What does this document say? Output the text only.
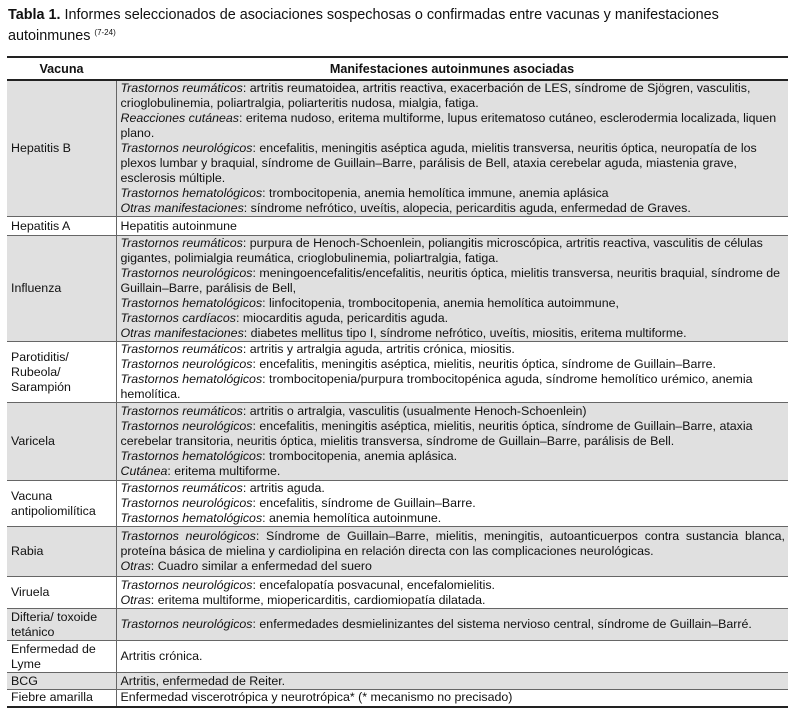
Tabla 1. Informes seleccionados de asociaciones sospechosas o confirmadas entre vacunas y manifestaciones autoinmunes $^{(7-24)}$
Vacuna	Manifestaciones autoinmunes asociadas
Hepatitis B	Trastornos reumáticos: artritis reumatoidea, artritis reactiva, exacerbación de LES, síndrome de Sjögren, vasculitis, crioglobulinemia, poliartralgia, poliarteritis nudosa, mialgia, fatiga.
Reacciones cutáneas: eritema nudoso, eritema multiforme, lupus eritematoso cutáneo, esclerodermia localizada, liquen plano.
Trastornos neurológicos: encefalitis, meningitis aséptica aguda, mielitis transversa, neuritis óptica, neuropatía de los plexos lumbar y braquial, síndrome de Guillain–Barre, parálisis de Bell, ataxia cerebelar aguda, miastenia grave, esclerosis múltiple.
Trastornos hematológicos: trombocitopenia, anemia hemolítica immune, anemia aplásica
Otras manifestaciones: síndrome nefrótico, uveítis, alopecia, pericarditis aguda, enfermedad de Graves.

Hepatitis A	Hepatitis autoinmune

Influenza	Trastornos reumáticos: purpura de Henoch-Schoenlein, poliangitis microscópica, artritis reactiva, vasculitis de células gigantes, polimialgia reumática, crioglobulinemia, poliartralgia, fatiga.
Trastornos neurológicos: meningoencefalitis/encefalitis, neuritis óptica, mielitis transversa, neuritis braquial, síndrome de Guillain–Barre, parálisis de Bell,
Trastornos hematológicos: linfocitopenia, trombocitopenia, anemia hemolítica autoimmune,
Trastornos cardíacos: miocarditis aguda, pericarditis aguda.
Otras manifestaciones: diabetes mellitus tipo I, síndrome nefrótico, uveítis, miositis, eritema multiforme.

Parotiditis/ Rubeola/ Sarampión	Trastornos reumáticos: artritis y artralgia aguda, artritis crónica, miositis.
Trastornos neurológicos: encefalitis, meningitis aséptica, mielitis, neuritis óptica, síndrome de Guillain–Barre.
Trastornos hematológicos: trombocitopenia/purpura trombocitopénica aguda, síndrome hemolítico urémico, anemia hemolítica.

Varicela	Trastornos reumáticos: artritis o artralgia, vasculitis (usualmente Henoch-Schoenlein)
Trastornos neurológicos: encefalitis, meningitis aséptica, mielitis, neuritis óptica, síndrome de Guillain–Barre, ataxia cerebelar transitoria, neuritis óptica, mielitis transversa, síndrome de Guillain–Barre, parálisis de Bell.
Trastornos hematológicos: trombocitopenia, anemia aplásica.
Cutánea: eritema multiforme.

Vacuna antipoliomilítica	Trastornos reumáticos: artritis aguda.
Trastornos neurológicos: encefalitis, síndrome de Guillain–Barre.
Trastornos hematológicos: anemia hemolítica autoinmune.

Rabia	Trastornos neurológicos: Síndrome de Guillain–Barre, mielitis, meningitis, autoanticuerpos contra sustancia blanca, proteína básica de mielina y cardiolipina en relación directa con las complicaciones neurológicas.
Otras: Cuadro similar a enfermedad del suero

Viruela	Trastornos neurológicos: encefalopatía posvacunal, encefalomielitis.
Otras: eritema multiforme, miopericarditis, cardiomiopatía dilatada.

Difteria/ toxoide tetánico	Trastornos neurológicos: enfermedades desmielinizantes del sistema nervioso central, síndrome de Guillain–Barré.

Enfermedad de Lyme	Artritis crónica.

BCG	Artritis, enfermedad de Reiter.

Fiebre amarilla	Enfermedad viscerotrópica y neurotrópica* (* mecanismo no precisado)
